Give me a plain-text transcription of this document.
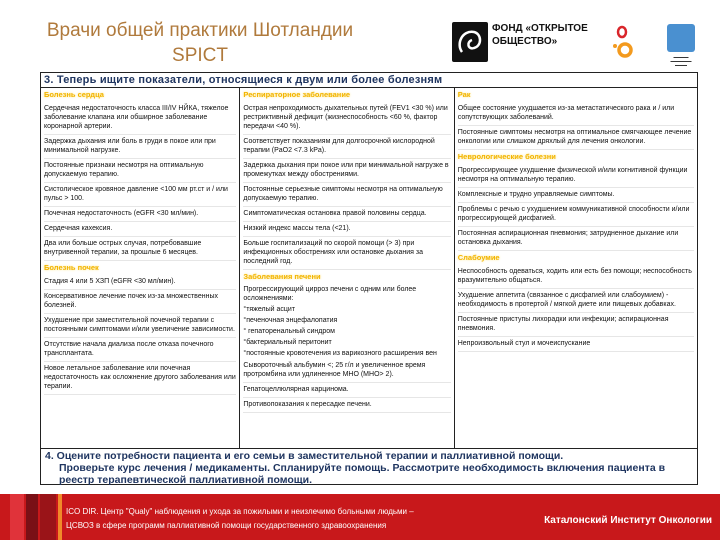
Врачи общей практики Шотландии
SPICT
ФОНД «ОТКРЫТОЕ
ОБЩЕСТВО»
▬▬▬▬▬
▬▬▬▬▬▬▬
▬▬▬▬
3. Теперь ищите показатели, относящиеся к двум или более болезням
Болезнь сердца
Сердечная недостаточность класса III/IV НЙКА, тяжелое заболевание клапана или обширное заболевание коронарной артерии.
Задержка дыхания или боль в груди в покое или при минимальной нагрузке.
Постоянные признаки несмотря на оптимальную допускаемую терапию.
Систолическое кровяное давление <100 мм рт.ст и / или пульс > 100.
Почечная недостаточность (eGFR <30 мл/мин).
Сердечная кахексия.
Два или больше острых случая, потребовавшие внутривенной терапии, за прошлые 6 месяцев.
Болезнь почек
Стадия 4 или 5 ХЗП (eGFR <30 мл/мин).
Консервативное лечение почек из-за множественных болезней.
Ухудшение при заместительной почечной терапии с постоянными симптомами и/или увеличение зависимости.
Отсутствие начала диализа после отказа почечного трансплантата.
Новое летальное заболевание или почечная недостаточность как осложнение другого заболевания или терапии.
Респираторное заболевание
Острая непроходимость дыхательных путей (FEV1 <30 %) или рестриктивный дефицит (жизнеспособность <60 %, фактор передачи <40 %).
Соответствует показаниям для долгосрочной кислородной терапии (PaO2 <7.3 kPa).
Задержка дыхания при покое или при минимальной нагрузке в промежутках между обострениями.
Постоянные серьезные симптомы несмотря на оптимальную допускаемую терапию.
Симптоматическая остановка правой половины сердца.
Низкий индекс массы тела (<21).
Больше госпитализаций по скорой помощи (> 3) при инфекционных обострениях или остановке дыхания за последний год.
Заболевания печени
Прогрессирующий цирроз печени с одним или более осложнениями:
°тяжелый асцит
°печеночная энцефалопатия
° гепаторенальный синдром
°бактериальный перитонит
°постоянные кровотечения из варикозного расширения вен
Сывороточный альбумин <; 25 г/л и увеличенное время протромбина или удлиненное МНО (МНО> 2).
Гепатоцеллюлярная карцинома.
Противопоказания к пересадке печени.
Рак
Общее состояние ухудшается из-за метастатического рака и / или сопутствующих заболеваний.
Постоянные симптомы несмотря на оптимальное смягчающее лечение онкологии или слишком дряхлый для лечения онкологии.
Неврологические болезни
Прогрессирующее ухудшение физической и/или когнитивной функции несмотря на оптимальную терапию.
Комплексные и трудно управляемые симптомы.
Проблемы с речью с ухудшением коммуникативной способности и/или прогрессирующей дисфагией.
Постоянная аспирационная пневмония; затрудненное дыхание или остановка дыхания.
Слабоумие
Неспособность одеваться, ходить или есть без помощи; неспособность вразумительно общаться.
Ухудшение аппетита (связанное с дисфагией или слабоумием) - необходимость в протертой / мягкой диете или пищевых добавках.
Постоянные приступы лихорадки или инфекции; аспирационная пневмония.
Непроизвольный стул и мочеиспускание
4. Оцените потребности пациента и его семьи в заместительной терапии и паллиативной помощи.
Проверьте курс лечения / медикаменты. Спланируйте помощь. Рассмотрите необходимость включения пациента в реестр терапевтической паллиативной помощи.
ICO DIR. Центр "Qualy" наблюдения и ухода за пожилыми и неизлечимо больными людьми –
ЦСВОЗ в сфере программ паллиативной помощи государственного здравоохранения	Каталонский Институт Онкологии
